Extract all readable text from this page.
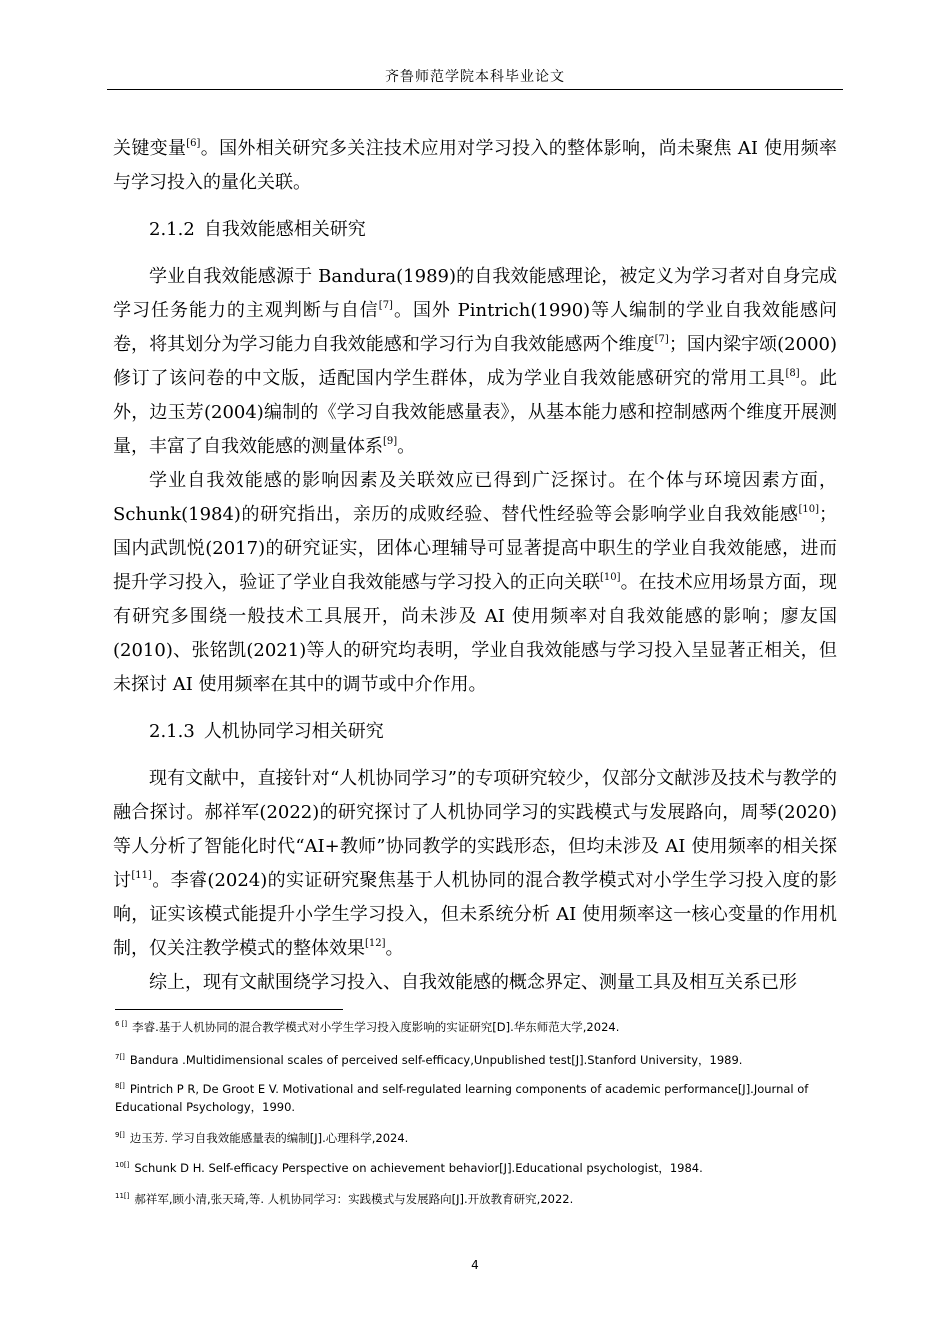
齐鲁师范学院本科毕业论文

关键变量[6]。国外相关研究多关注技术应用对学习投入的整体影响，尚未聚焦 AI 使用频率与学习投入的量化关联。

2.1.2 自我效能感相关研究

学业自我效能感源于 Bandura(1989)的自我效能感理论，被定义为学习者对自身完成学习任务能力的主观判断与自信[7]。国外 Pintrich(1990)等人编制的学业自我效能感问卷，将其划分为学习能力自我效能感和学习行为自我效能感两个维度[7]；国内梁宇颂(2000)修订了该问卷的中文版，适配国内学生群体，成为学业自我效能感研究的常用工具[8]。此外，边玉芳(2004)编制的《学习自我效能感量表》，从基本能力感和控制感两个维度开展测量，丰富了自我效能感的测量体系[9]。

学业自我效能感的影响因素及关联效应已得到广泛探讨。在个体与环境因素方面，Schunk(1984)的研究指出，亲历的成败经验、替代性经验等会影响学业自我效能感[10]；国内武凯悦(2017)的研究证实，团体心理辅导可显著提高中职生的学业自我效能感，进而提升学习投入，验证了学业自我效能感与学习投入的正向关联[10]。在技术应用场景方面，现有研究多围绕一般技术工具展开，尚未涉及 AI 使用频率对自我效能感的影响；廖友国(2010)、张铭凯(2021)等人的研究均表明，学业自我效能感与学习投入呈显著正相关，但未探讨 AI 使用频率在其中的调节或中介作用。

2.1.3 人机协同学习相关研究

现有文献中，直接针对“人机协同学习”的专项研究较少，仅部分文献涉及技术与教学的融合探讨。郝祥军(2022)的研究探讨了人机协同学习的实践模式与发展路向，周琴(2020)等人分析了智能化时代“AI+教师”协同教学的实践形态，但均未涉及 AI 使用频率的相关探讨[11]。李睿(2024)的实证研究聚焦基于人机协同的混合教学模式对小学生学习投入度的影响，证实该模式能提升小学生学习投入，但未系统分析 AI 使用频率这一核心变量的作用机制，仅关注教学模式的整体效果[12]。

综上，现有文献围绕学习投入、自我效能感的概念界定、测量工具及相互关系已形

$^{6 []}$ 李睿.基于人机协同的混合教学模式对小学生学习投入度影响的实证研究[D].华东师范大学,2024.

$^{7[]}$ Bandura .Multidimensional scales of perceived self-efficacy,Unpublished test[J].Stanford University，1989.

$^{8[]}$ Pintrich P R, De Groot E V. Motivational and self-regulated learning components of academic performance[J].Journal of Educational Psychology，1990.

$^{9[]}$ 边玉芳. 学习自我效能感量表的编制[J].心理科学,2024.

$^{10[]}$ Schunk D H. Self-efficacy Perspective on achievement behavior[J].Educational psychologist，1984.

$^{11[]}$ 郝祥军,顾小清,张天琦,等. 人机协同学习：实践模式与发展路向[J].开放教育研究,2022.

4
